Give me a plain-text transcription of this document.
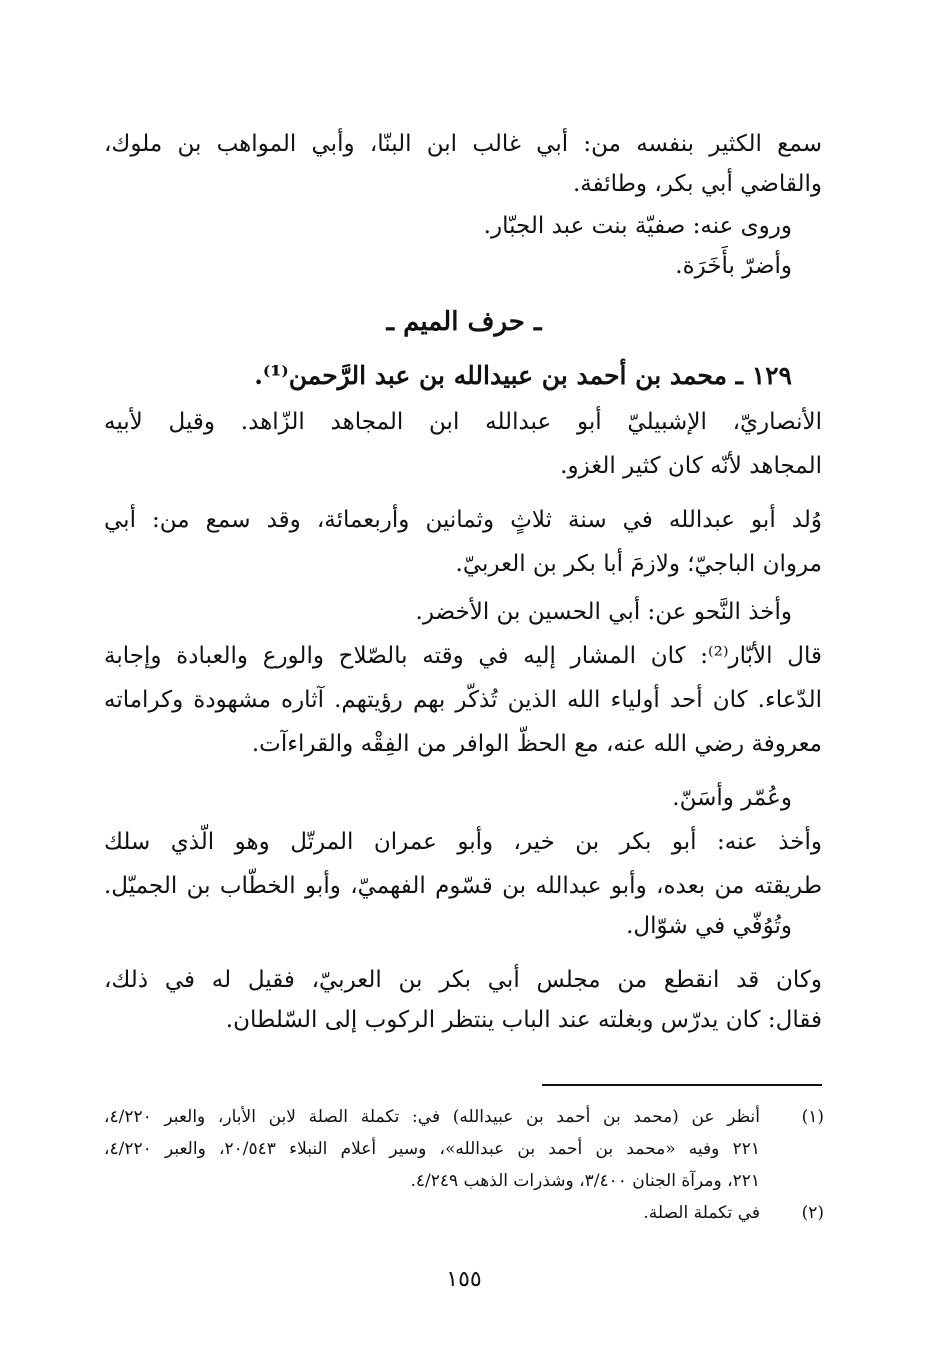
سمع الكثير بنفسه من: أبي غالب ابن البنّا، وأبي المواهب بن ملوك،
والقاضي أبي بكر، وطائفة.
وروى عنه: صفيّة بنت عبد الجبّار.
وأضرّ بأَخَرَة.
ـ حرف الميم ـ
١٢٩ ـ محمد بن أحمد بن عبيدالله بن عبد الرَّحمن⁽¹⁾.
الأنصاريّ، الإشبيليّ أبو عبدالله ابن المجاهد الزّاهد. وقيل لأبيه
المجاهد لأنّه كان كثير الغزو.
وُلد أبو عبدالله في سنة ثلاثٍ وثمانين وأربعمائة، وقد سمع من: أبي
مروان الباجيّ؛ ولازمَ أبا بكر بن العربيّ.
وأخذ النَّحو عن: أبي الحسين بن الأخضر.
قال الأبّار⁽²⁾: كان المشار إليه في وقته بالصّلاح والورع والعبادة وإجابة
الدّعاء. كان أحد أولياء الله الذين تُذكّر بهم رؤيتهم. آثاره مشهودة وكراماته
معروفة رضي الله عنه، مع الحظّ الوافر من الفِقْه والقراءآت.
وعُمّر وأسَنّ.
وأخذ عنه: أبو بكر بن خير، وأبو عمران المرتّل وهو الّذي سلك
طريقته من بعده، وأبو عبدالله بن قسّوم الفهميّ، وأبو الخطّاب بن الجميّل.
وتُوُفّي في شوّال.
وكان قد انقطع من مجلس أبي بكر بن العربيّ، فقيل له في ذلك،
فقال: كان يدرّس وبغلته عند الباب ينتظر الركوب إلى السّلطان.
(١)
أنظر عن (محمد بن أحمد بن عبيدالله) في: تكملة الصلة لابن الأبار، والعبر ٤/٢٢٠،
٢٢١ وفيه «محمد بن أحمد بن عبدالله»، وسير أعلام النبلاء ٢٠/٥٤٣، والعبر ٤/٢٢٠،
٢٢١، ومرآة الجنان ٣/٤٠٠، وشذرات الذهب ٤/٢٤٩.
(٢)
في تكملة الصلة.
١٥٥
